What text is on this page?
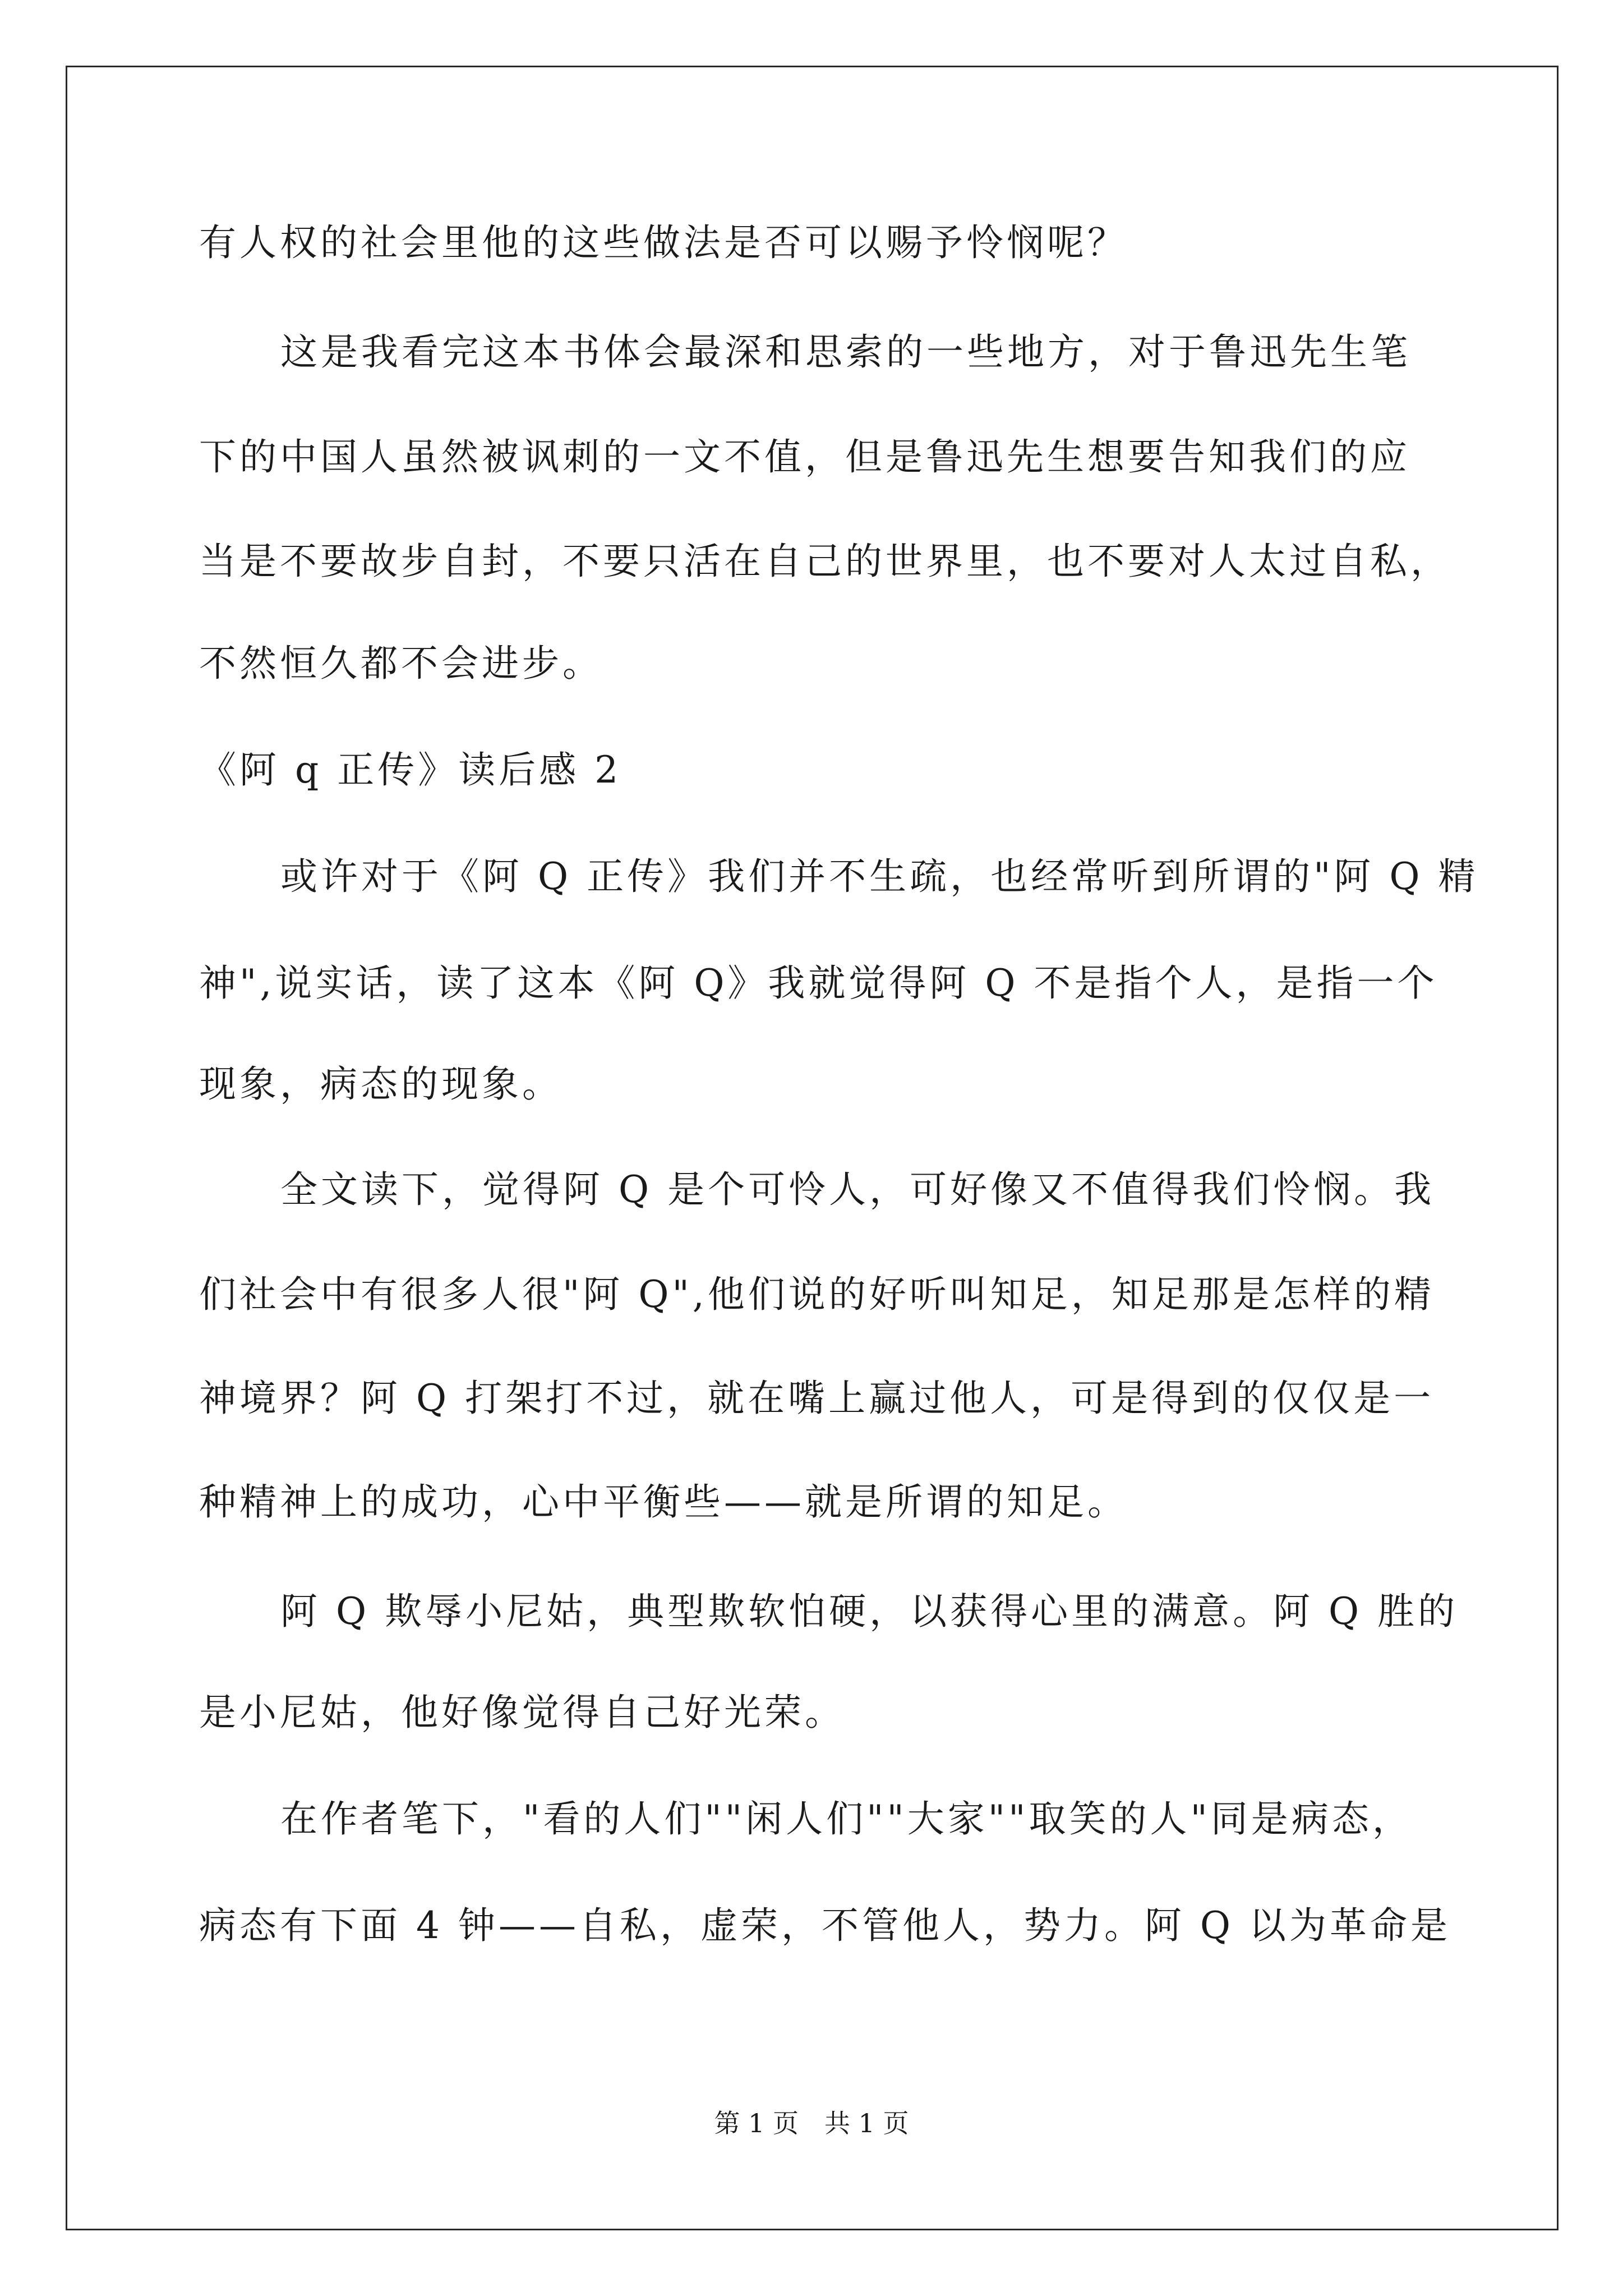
有人权的社会里他的这些做法是否可以赐予怜悯呢？
这是我看完这本书体会最深和思索的一些地方，对于鲁迅先生笔
下的中国人虽然被讽刺的一文不值，但是鲁迅先生想要告知我们的应
当是不要故步自封，不要只活在自己的世界里，也不要对人太过自私，
不然恒久都不会进步。
《阿 q 正传》读后感 2
或许对于《阿 Q 正传》我们并不生疏，也经常听到所谓的"阿 Q 精
神",说实话，读了这本《阿 Q》我就觉得阿 Q 不是指个人，是指一个
现象，病态的现象。
全文读下，觉得阿 Q 是个可怜人，可好像又不值得我们怜悯。我
们社会中有很多人很"阿 Q",他们说的好听叫知足，知足那是怎样的精
神境界？阿 Q 打架打不过，就在嘴上赢过他人，可是得到的仅仅是一
种精神上的成功，心中平衡些——就是所谓的知足。
阿 Q 欺辱小尼姑，典型欺软怕硬，以获得心里的满意。阿 Q 胜的
是小尼姑，他好像觉得自己好光荣。
在作者笔下，"看的人们""闲人们""大家""取笑的人"同是病态，
病态有下面 4 钟——自私，虚荣，不管他人，势力。阿 Q 以为革命是
第 1 页　共 1 页
